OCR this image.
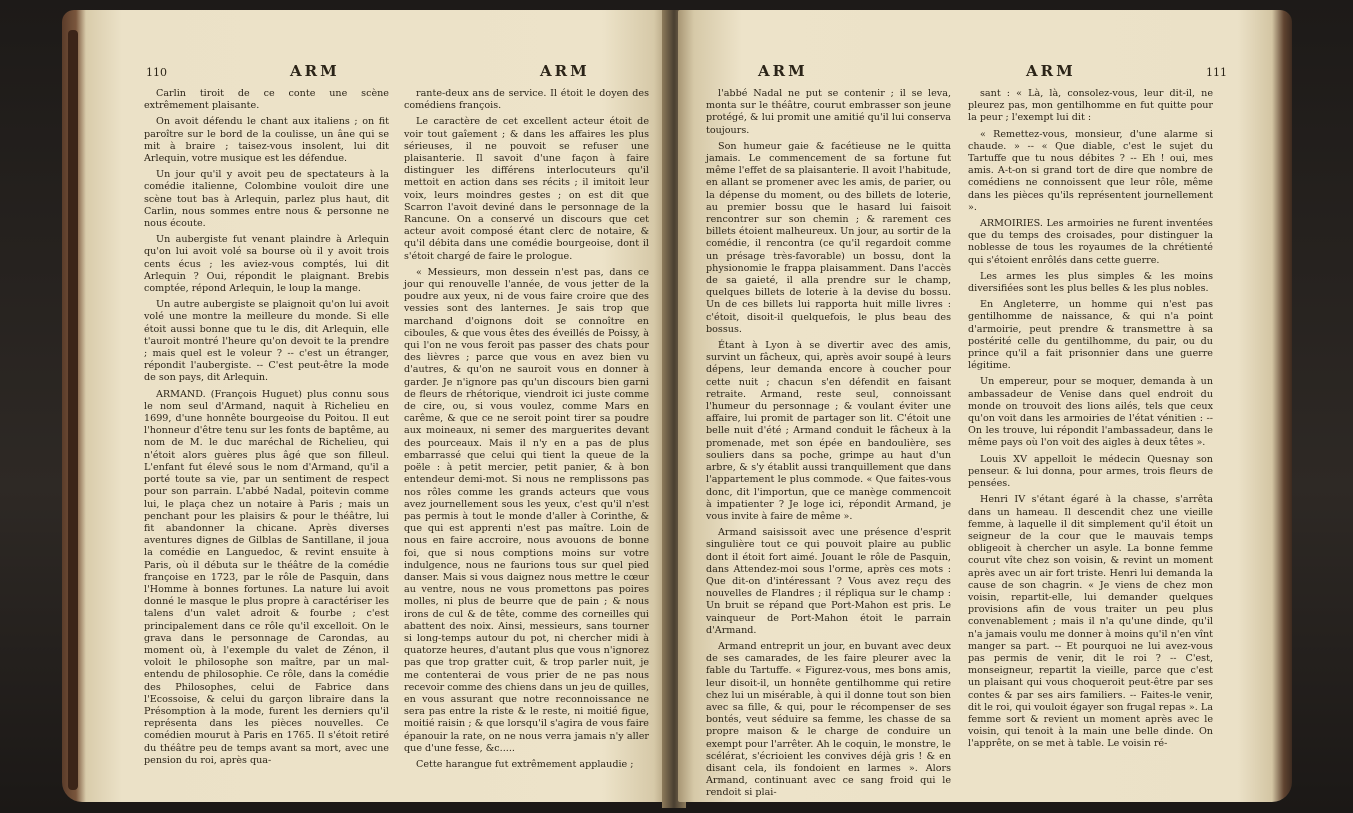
110	ARM	ARM

Carlin tiroit de ce conte une scène extrêmement plaisante.

On avoit défendu le chant aux italiens ; on fit paroître sur le bord de la coulisse, un âne qui se mit à braire ; taisez-vous insolent, lui dit Arlequin, votre musique est les défendue.

Un jour qu'il y avoit peu de spectateurs à la comédie italienne, Colombine vouloit dire une scène tout bas à Arlequin, parlez plus haut, dit Carlin, nous sommes entre nous & personne ne nous écoute.

Un aubergiste fut venant plaindre à Arlequin qu'on lui avoit volé sa bourse où il y avoit trois cents écus ; les aviez-vous comptés, lui dit Arlequin ? Oui, répondit le plaignant. Brebis comptée, répond Arlequin, le loup la mange.

Un autre aubergiste se plaignoit qu'on lui avoit volé une montre la meilleure du monde. Si elle étoit aussi bonne que tu le dis, dit Arlequin, elle t'auroit montré l'heure qu'on devoit te la prendre ; mais quel est le voleur ? -- c'est un étranger, répondit l'aubergiste. -- C'est peut-être la mode de son pays, dit Arlequin.

ARMAND. (François Huguet) plus connu sous le nom seul d'Armand, naquit à Richelieu en 1699, d'une honnête bourgeoise du Poitou. Il eut l'honneur d'être tenu sur les fonts de baptême, au nom de M. le duc maréchal de Richelieu, qui n'étoit alors guères plus âgé que son filleul. L'enfant fut élevé sous le nom d'Armand, qu'il a porté toute sa vie, par un sentiment de respect pour son parrain. L'abbé Nadal, poitevin comme lui, le plaça chez un notaire à Paris ; mais un penchant pour les plaisirs & pour le théâtre, lui fit abandonner la chicane. Après diverses aventures dignes de Gilblas de Santillane, il joua la comédie en Languedoc, & revint ensuite à Paris, où il débuta sur le théâtre de la comédie françoise en 1723, par le rôle de Pasquin, dans l'Homme à bonnes fortunes. La nature lui avoit donné le masque le plus propre à caractériser les talens d'un valet adroit & fourbe ; c'est principalement dans ce rôle qu'il excelloit. On le grava dans le personnage de Carondas, au moment où, à l'exemple du valet de Zénon, il voloit le philosophe son maître, par un mal-entendu de philosophie. Ce rôle, dans la comédie des Philosophes, celui de Fabrice dans l'Ecossoise, & celui du garçon libraire dans la Présomption à la mode, furent les derniers qu'il représenta dans les pièces nouvelles. Ce comédien mourut à Paris en 1765. Il s'étoit retiré du théâtre peu de temps avant sa mort, avec une pension du roi, après qua-

rante-deux ans de service. Il étoit le doyen des comédiens françois.

Le caractère de cet excellent acteur étoit de voir tout gaîement ; & dans les affaires les plus sérieuses, il ne pouvoit se refuser une plaisanterie. Il savoit d'une façon à faire distinguer les différens interlocuteurs qu'il mettoit en action dans ses récits ; il imitoit leur voix, leurs moindres gestes ; on est dit que Scarron l'avoit deviné dans le personnage de la Rancune. On a conservé un discours que cet acteur avoit composé étant clerc de notaire, & qu'il débita dans une comédie bourgeoise, dont il s'étoit chargé de faire le prologue.

« Messieurs, mon dessein n'est pas, dans ce jour qui renouvelle l'année, de vous jetter de la poudre aux yeux, ni de vous faire croire que des vessies sont des lanternes. Je sais trop que marchand d'oignons doit se connoître en ciboules, & que vous êtes des éveillés de Poissy, à qui l'on ne vous feroit pas passer des chats pour des lièvres ; parce que vous en avez bien vu d'autres, & qu'on ne sauroit vous en donner à garder. Je n'ignore pas qu'un discours bien garni de fleurs de rhétorique, viendroit ici juste comme de cire, ou, si vous voulez, comme Mars en carême, & que ce ne seroit point tirer sa poudre aux moineaux, ni semer des marguerites devant des pourceaux. Mais il n'y en a pas de plus embarrassé que celui qui tient la queue de la poële : à petit mercier, petit panier, & à bon entendeur demi-mot. Si nous ne remplissons pas nos rôles comme les grands acteurs que vous avez journellement sous les yeux, c'est qu'il n'est pas permis à tout le monde d'aller à Corinthe, & que qui est apprenti n'est pas maître. Loin de nous en faire accroire, nous avouons de bonne foi, que si nous comptions moins sur votre indulgence, nous ne faurions tous sur quel pied danser. Mais si vous daignez nous mettre le cœur au ventre, nous ne vous promettons pas poires molles, ni plus de beurre que de pain ; & nous irons de cul & de tête, comme des corneilles qui abattent des noix. Ainsi, messieurs, sans tourner si long-temps autour du pot, ni chercher midi à quatorze heures, d'autant plus que vous n'ignorez pas que trop gratter cuit, & trop parler nuit, je me contenterai de vous prier de ne pas nous recevoir comme des chiens dans un jeu de quilles, en vous assurant que notre reconnoissance ne sera pas entre la riste & le reste, ni moitié figue, moitié raisin ; & que lorsqu'il s'agira de vous faire épanouir la rate, on ne nous verra jamais n'y aller que d'une fesse, &c.....

Cette harangue fut extrêmement applaudie ;

ARM	ARM	111

l'abbé Nadal ne put se contenir ; il se leva, monta sur le théâtre, courut embrasser son jeune protégé, & lui promit une amitié qu'il lui conserva toujours.

Son humeur gaie & facétieuse ne le quitta jamais. Le commencement de sa fortune fut même l'effet de sa plaisanterie. Il avoit l'habitude, en allant se promener avec les amis, de parier, ou la dépense du moment, ou des billets de loterie, au premier bossu que le hasard lui faisoit rencontrer sur son chemin ; & rarement ces billets étoient malheureux. Un jour, au sortir de la comédie, il rencontra (ce qu'il regardoit comme un présage très-favorable) un bossu, dont la physionomie le frappa plaisamment. Dans l'accès de sa gaieté, il alla prendre sur le champ, quelques billets de loterie à la devise du bossu. Un de ces billets lui rapporta huit mille livres : c'étoit, disoit-il quelquefois, le plus beau des bossus.

Étant à Lyon à se divertir avec des amis, survint un fâcheux, qui, après avoir soupé à leurs dépens, leur demanda encore à coucher pour cette nuit ; chacun s'en défendit en faisant retraite. Armand, reste seul, connoissant l'humeur du personnage ; & voulant éviter une affaire, lui promit de partager son lit. C'étoit une belle nuit d'été ; Armand conduit le fâcheux à la promenade, met son épée en bandoulière, ses souliers dans sa poche, grimpe au haut d'un arbre, & s'y établit aussi tranquillement que dans l'appartement le plus commode. « Que faites-vous donc, dit l'importun, que ce manège commencoit à impatienter ? Je loge ici, répondit Armand, je vous invite à faire de même ».

Armand saisissoit avec une présence d'esprit singulière tout ce qui pouvoit plaire au public dont il étoit fort aimé. Jouant le rôle de Pasquin, dans Attendez-moi sous l'orme, après ces mots : Que dit-on d'intéressant ? Vous avez reçu des nouvelles de Flandres ; il répliqua sur le champ : Un bruit se répand que Port-Mahon est pris. Le vainqueur de Port-Mahon étoit le parrain d'Armand.

Armand entreprit un jour, en buvant avec deux de ses camarades, de les faire pleurer avec la fable du Tartuffe. « Figurez-vous, mes bons amis, leur disoit-il, un honnête gentilhomme qui retire chez lui un misérable, à qui il donne tout son bien avec sa fille, & qui, pour le récompenser de ses bontés, veut séduire sa femme, les chasse de sa propre maison & le charge de conduire un exempt pour l'arrêter. Ah le coquin, le monstre, le scélérat, s'écrioient les convives déjà gris ! & en disant cela, ils fondoient en larmes ». Alors Armand, continuant avec ce sang froid qui le rendoit si plai-

sant : « Là, là, consolez-vous, leur dit-il, ne pleurez pas, mon gentilhomme en fut quitte pour la peur ; l'exempt lui dit :

« Remettez-vous, monsieur, d'une alarme si chaude. » -- « Que diable, c'est le sujet du Tartuffe que tu nous débites ? -- Eh ! oui, mes amis. A-t-on si grand tort de dire que nombre de comédiens ne connoissent que leur rôle, même dans les pièces qu'ils représentent journellement ».

ARMOIRIES. Les armoiries ne furent inventées que du temps des croisades, pour distinguer la noblesse de tous les royaumes de la chrétienté qui s'étoient enrôlés dans cette guerre.

Les armes les plus simples & les moins diversifiées sont les plus belles & les plus nobles.

En Angleterre, un homme qui n'est pas gentilhomme de naissance, & qui n'a point d'armoirie, peut prendre & transmettre à sa postérité celle du gentilhomme, du pair, ou du prince qu'il a fait prisonnier dans une guerre légitime.

Un empereur, pour se moquer, demanda à un ambassadeur de Venise dans quel endroit du monde on trouvoit des lions ailés, tels que ceux qu'on voit dans les armoiries de l'état vénitien : -- On les trouve, lui répondit l'ambassadeur, dans le même pays où l'on voit des aigles à deux têtes ».

Louis XV appelloit le médecin Quesnay son penseur. & lui donna, pour armes, trois fleurs de pensées.

Henri IV s'étant égaré à la chasse, s'arrêta dans un hameau. Il descendit chez une vieille femme, à laquelle il dit simplement qu'il étoit un seigneur de la cour que le mauvais temps obligeoit à chercher un asyle. La bonne femme courut vîte chez son voisin, & revint un moment après avec un air fort triste. Henri lui demanda la cause de son chagrin. « Je viens de chez mon voisin, repartit-elle, lui demander quelques provisions afin de vous traiter un peu plus convenablement ; mais il n'a qu'une dinde, qu'il n'a jamais voulu me donner à moins qu'il n'en vînt manger sa part. -- Et pourquoi ne lui avez-vous pas permis de venir, dit le roi ? -- C'est, monseigneur, repartit la vieille, parce que c'est un plaisant qui vous choqueroit peut-être par ses contes & par ses airs familiers. -- Faites-le venir, dit le roi, qui vouloit égayer son frugal repas ». La femme sort & revient un moment après avec le voisin, qui tenoit à la main une belle dinde. On l'apprête, on se met à table. Le voisin ré-
